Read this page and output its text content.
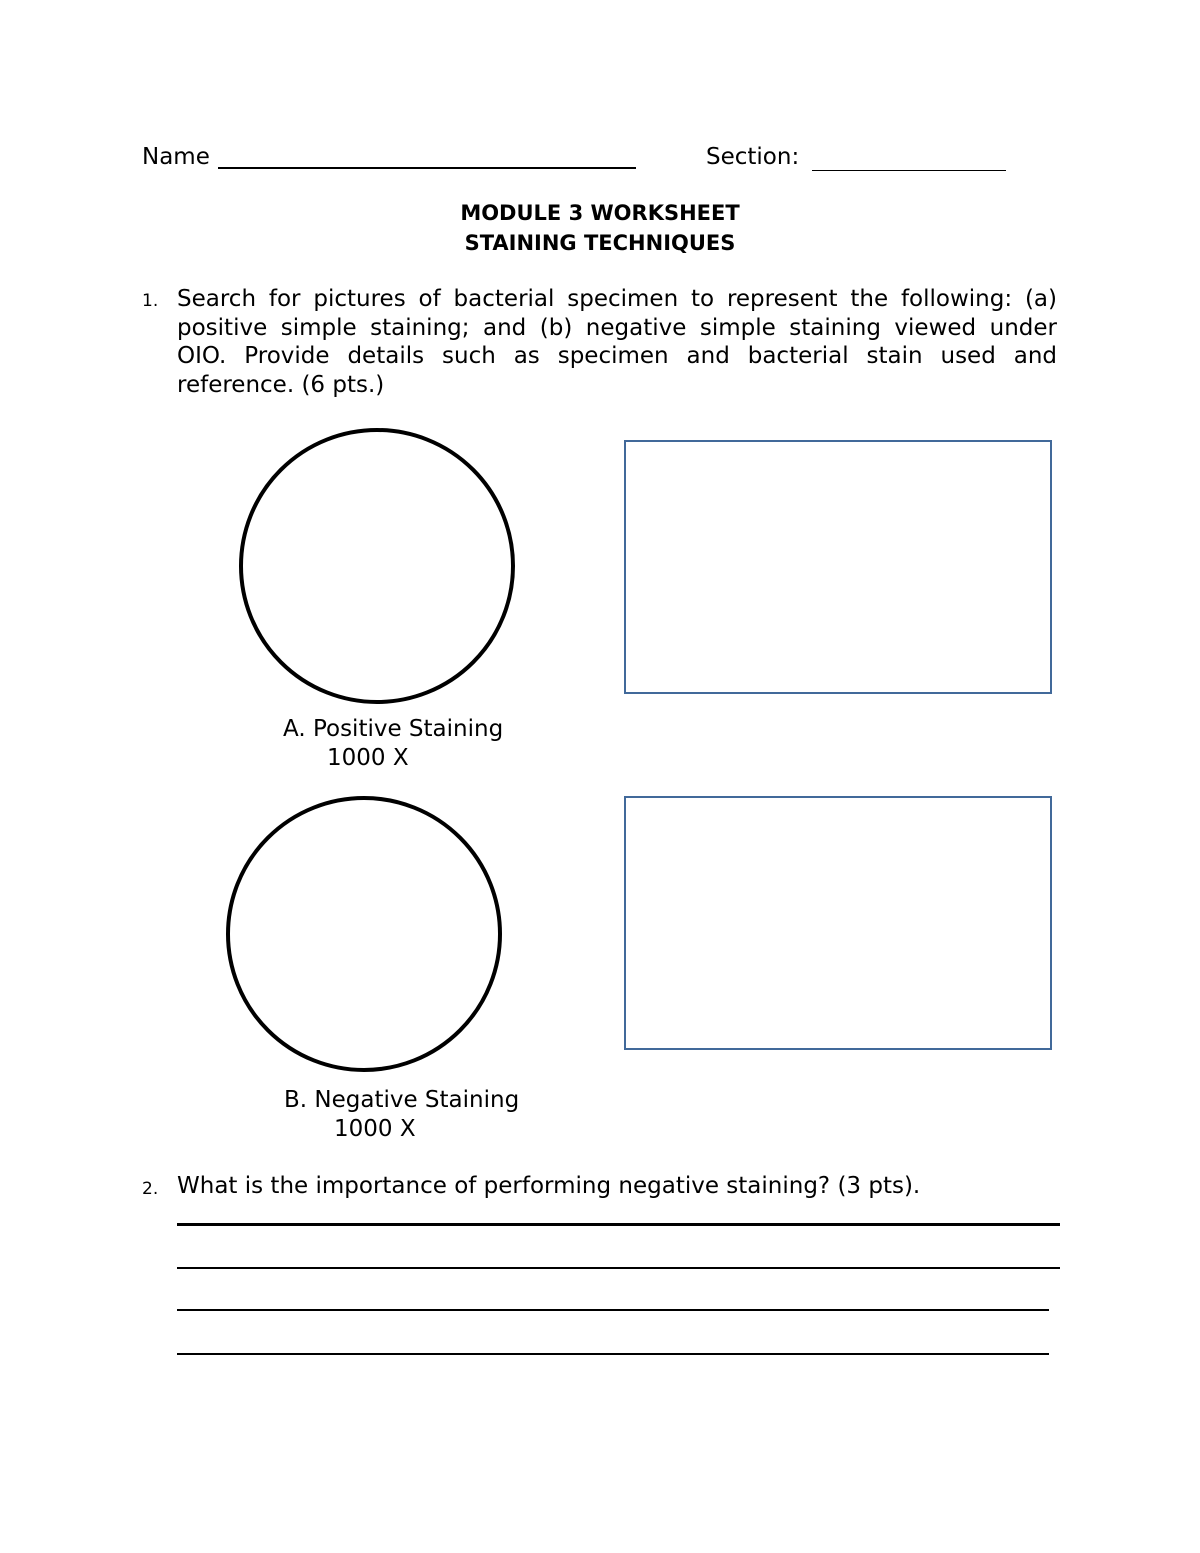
Name	Section:
MODULE 3 WORKSHEET
STAINING TECHNIQUES
1. Search for pictures of bacterial specimen to represent the following: (a) positive simple staining; and (b) negative simple staining viewed under OIO. Provide details such as specimen and bacterial stain used and reference. (6 pts.)
A. Positive Staining
1000 X
B. Negative Staining
1000 X
2. What is the importance of performing negative staining? (3 pts).
